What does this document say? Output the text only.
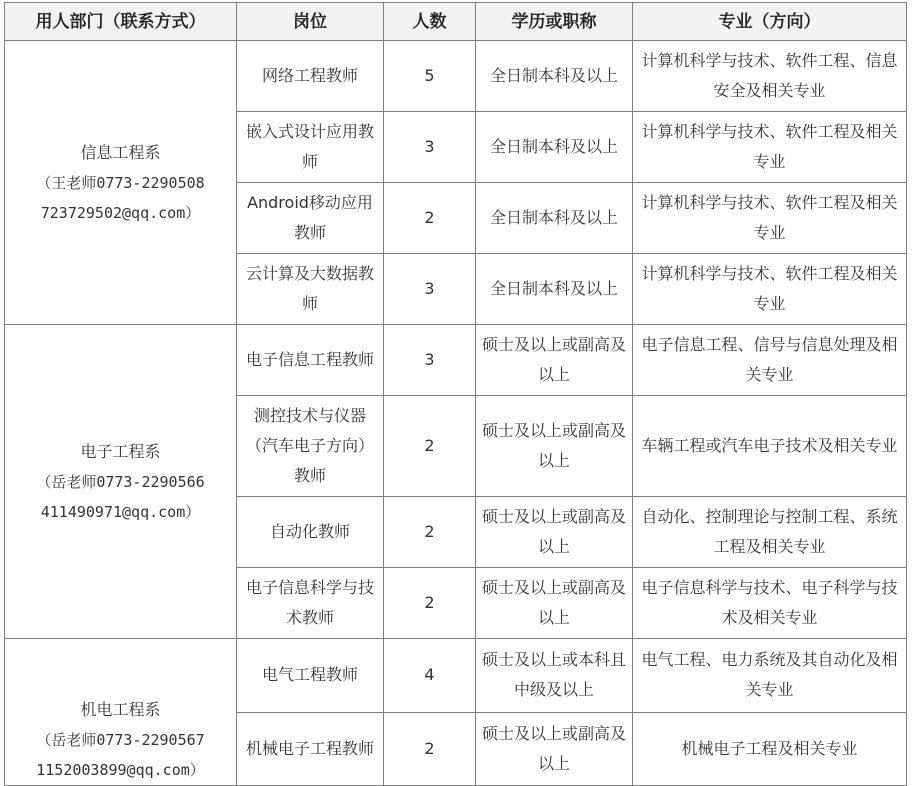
用人部门（联系方式）	岗位	人数	学历或职称	专业（方向）

信息工程系
（王老师0773-2290508
723729502@qq.com）	网络工程教师	5	全日制本科及以上	计算机科学与技术、软件工程、信息安全及相关专业
	嵌入式设计应用教师	3	全日制本科及以上	计算机科学与技术、软件工程及相关专业
	Android移动应用教师	2	全日制本科及以上	计算机科学与技术、软件工程及相关专业
	云计算及大数据教师	3	全日制本科及以上	计算机科学与技术、软件工程及相关专业

电子工程系
（岳老师0773-2290566
411490971@qq.com）	电子信息工程教师	3	硕士及以上或副高及以上	电子信息工程、信号与信息处理及相关专业
	测控技术与仪器（汽车电子方向）教师	2	硕士及以上或副高及以上	车辆工程或汽车电子技术及相关专业
	自动化教师	2	硕士及以上或副高及以上	自动化、控制理论与控制工程、系统工程及相关专业
	电子信息科学与技术教师	2	硕士及以上或副高及以上	电子信息科学与技术、电子科学与技术及相关专业

机电工程系
（岳老师0773-2290567
1152003899@qq.com）	电气工程教师	4	硕士及以上或本科且中级及以上	电气工程、电力系统及其自动化及相关专业
	机械电子工程教师	2	硕士及以上或副高及以上	机械电子工程及相关专业
